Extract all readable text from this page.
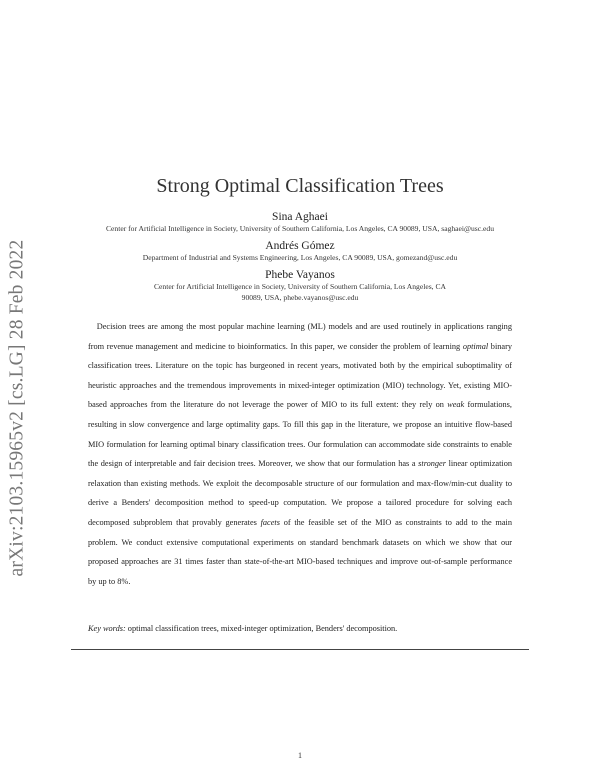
arXiv:2103.15965v2 [cs.LG] 28 Feb 2022
Strong Optimal Classification Trees
Sina Aghaei
Center for Artificial Intelligence in Society, University of Southern California, Los Angeles, CA 90089, USA, saghaei@usc.edu
Andrés Gómez
Department of Industrial and Systems Engineering, Los Angeles, CA 90089, USA, gomezand@usc.edu
Phebe Vayanos
Center for Artificial Intelligence in Society, University of Southern California, Los Angeles, CA 90089, USA, phebe.vayanos@usc.edu

Decision trees are among the most popular machine learning (ML) models and are used routinely in applications ranging from revenue management and medicine to bioinformatics. In this paper, we consider the problem of learning optimal binary classification trees. Literature on the topic has burgeoned in recent years, motivated both by the empirical suboptimality of heuristic approaches and the tremendous improvements in mixed-integer optimization (MIO) technology. Yet, existing MIO-based approaches from the literature do not leverage the power of MIO to its full extent: they rely on weak formulations, resulting in slow convergence and large optimality gaps. To fill this gap in the literature, we propose an intuitive flow-based MIO formulation for learning optimal binary classification trees. Our formulation can accommodate side constraints to enable the design of interpretable and fair decision trees. Moreover, we show that our formulation has a stronger linear optimization relaxation than existing methods. We exploit the decomposable structure of our formulation and max-flow/min-cut duality to derive a Benders' decomposition method to speed-up computation. We propose a tailored procedure for solving each decomposed subproblem that provably generates facets of the feasible set of the MIO as constraints to add to the main problem. We conduct extensive computational experiments on standard benchmark datasets on which we show that our proposed approaches are 31 times faster than state-of-the-art MIO-based techniques and improve out-of-sample performance by up to 8%.

Key words: optimal classification trees, mixed-integer optimization, Benders' decomposition.
1
